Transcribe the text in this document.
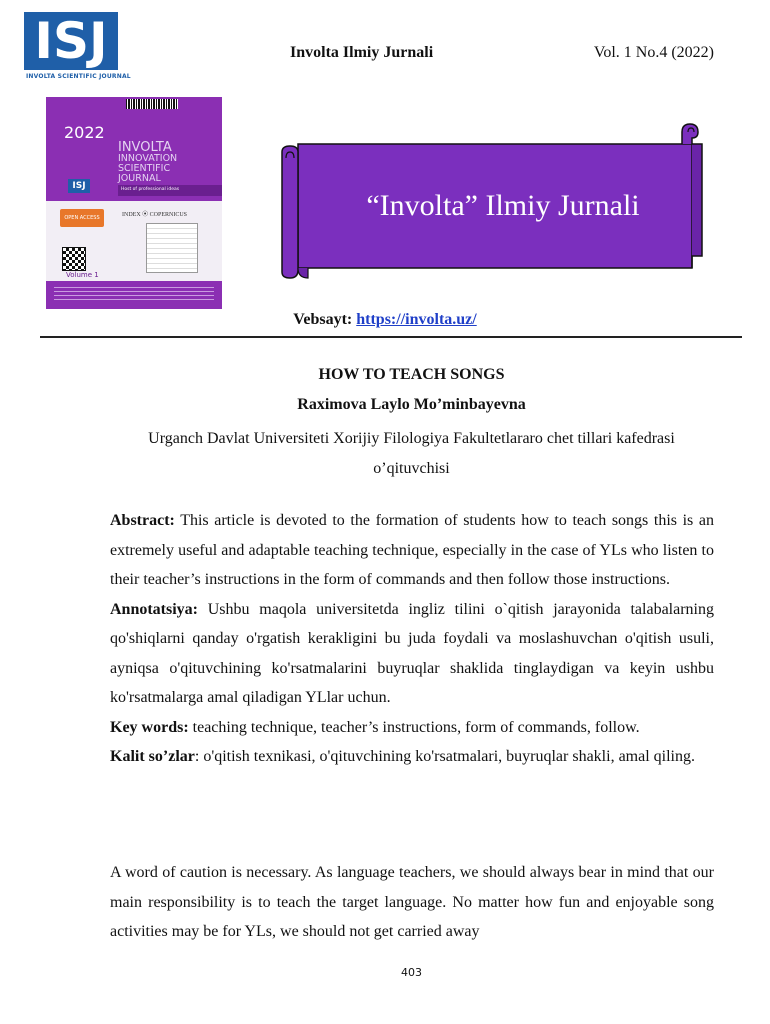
ISJ
INVOLTA SCIENTIFIC JOURNAL
Involta Ilmiy Jurnali	Vol. 1 No.4 (2022)
2022
INVOLTA
INNOVATION
SCIENTIFIC
JOURNAL
ISJ	Host of professional ideas
OPEN ACCESS	INDEX ⦿ COPERNICUS
Volume 1
“Involta” Ilmiy Jurnali
Vebsayt: https://involta.uz/
HOW TO TEACH SONGS
Raximova Laylo Mo’minbayevna
Urganch Davlat Universiteti Xorijiy Filologiya Fakultetlararo chet tillari kafedrasi
o’qituvchisi

Abstract: This article is devoted to the formation of students how to teach songs this is an extremely useful and adaptable teaching technique, especially in the case of YLs who listen to their teacher’s instructions in the form of commands and then follow those instructions.

Annotatsiya: Ushbu maqola universitetda ingliz tilini o`qitish jarayonida talabalarning qo'shiqlarni qanday o'rgatish kerakligini bu juda foydali va moslashuvchan o'qitish usuli, ayniqsa o'qituvchining ko'rsatmalarini buyruqlar shaklida tinglaydigan va keyin ushbu ko'rsatmalarga amal qiladigan YLlar uchun.

Key words: teaching technique, teacher’s instructions, form of commands, follow.

Kalit so’zlar: o'qitish texnikasi, o'qituvchining ko'rsatmalari, buyruqlar shakli, amal qiling.

A word of caution is necessary. As language teachers, we should always bear in mind that our main responsibility is to teach the target language. No matter how fun and enjoyable song activities may be for YLs, we should not get carried away
403
